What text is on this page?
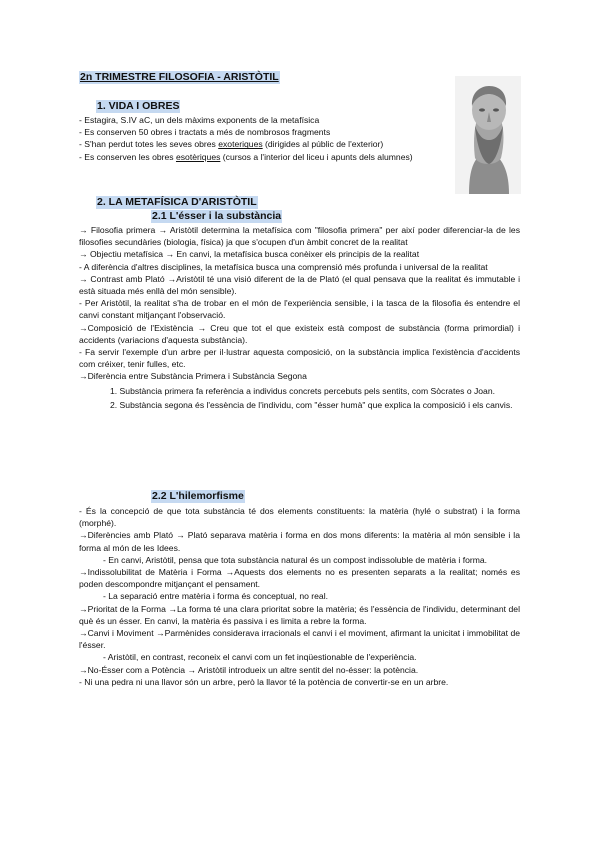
2n TRIMESTRE FILOSOFIA - ARISTÒTIL
1. VIDA I OBRES

- Estagira, S.IV aC, un dels màxims exponents de la metafísica

- Es conserven 50 obres i tractats a més de nombrosos fragments

- S'han perdut totes les seves obres exoteriques (dirigides al públic de l'exterior)

- Es conserven les obres esotèriques (cursos a l'interior del liceu i apunts dels alumnes)

2. LA METAFÍSICA D'ARISTÒTIL
2.1 L'ésser i la substància

→ Filosofia primera → Aristòtil determina la metafísica com "filosofia primera" per així poder diferenciar-la de les filosofies secundàries (biologia, física) ja que s'ocupen d'un àmbit concret de la realitat

→ Objectiu metafísica → En canvi, la metafísica busca conèixer els principis de la realitat

- A diferència d'altres disciplines, la metafísica busca una comprensió més profunda i universal de la realitat

→ Contrast amb Plató →Aristòtil té una visió diferent de la de Plató (el qual pensava que la realitat és immutable i està situada més enllà del món sensible).

- Per Aristòtil, la realitat s'ha de trobar en el món de l'experiència sensible, i la tasca de la filosofia és entendre el canvi constant mitjançant l'observació.

→Composició de l'Existència → Creu que tot el que existeix està compost de substància (forma primordial) i accidents (variacions d'aquesta substància).

- Fa servir l'exemple d'un arbre per il·lustrar aquesta composició, on la substància implica l'existència d'accidents com créixer, tenir fulles, etc.

→Diferència entre Substància Primera i Substància Segona

1. Substància primera fa referència a individus concrets percebuts pels sentits, com Sòcrates o Joan.

2. Substància segona és l'essència de l'individu, com "ésser humà" que explica la composició i els canvis.

2.2 L'hilemorfisme

- És la concepció de que tota substància té dos elements constituents: la matèria (hylé o substrat) i la forma (morphé).

→Diferències amb Plató → Plató separava matèria i forma en dos mons diferents: la matèria al món sensible i la forma al món de les Idees.

- En canvi, Aristòtil, pensa que tota substància natural és un compost indissoluble de matèria i forma.

→Indissolubilitat de Matèria i Forma →Aquests dos elements no es presenten separats a la realitat; només es poden descompondre mitjançant el pensament.

- La separació entre matèria i forma és conceptual, no real.

→Prioritat de la Forma →La forma té una clara prioritat sobre la matèria; és l'essència de l'individu, determinant del què és un ésser. En canvi, la matèria és passiva i es limita a rebre la forma.

→Canvi i Moviment →Parmènides considerava irracionals el canvi i el moviment, afirmant la unicitat i immobilitat de l'ésser.

- Aristòtil, en contrast, reconeix el canvi com un fet inqüestionable de l'experiència.

→No-Ésser com a Potència → Aristòtil introdueix un altre sentit del no-ésser: la potència.

- Ni una pedra ni una llavor són un arbre, però la llavor té la potència de convertir-se en un arbre.
